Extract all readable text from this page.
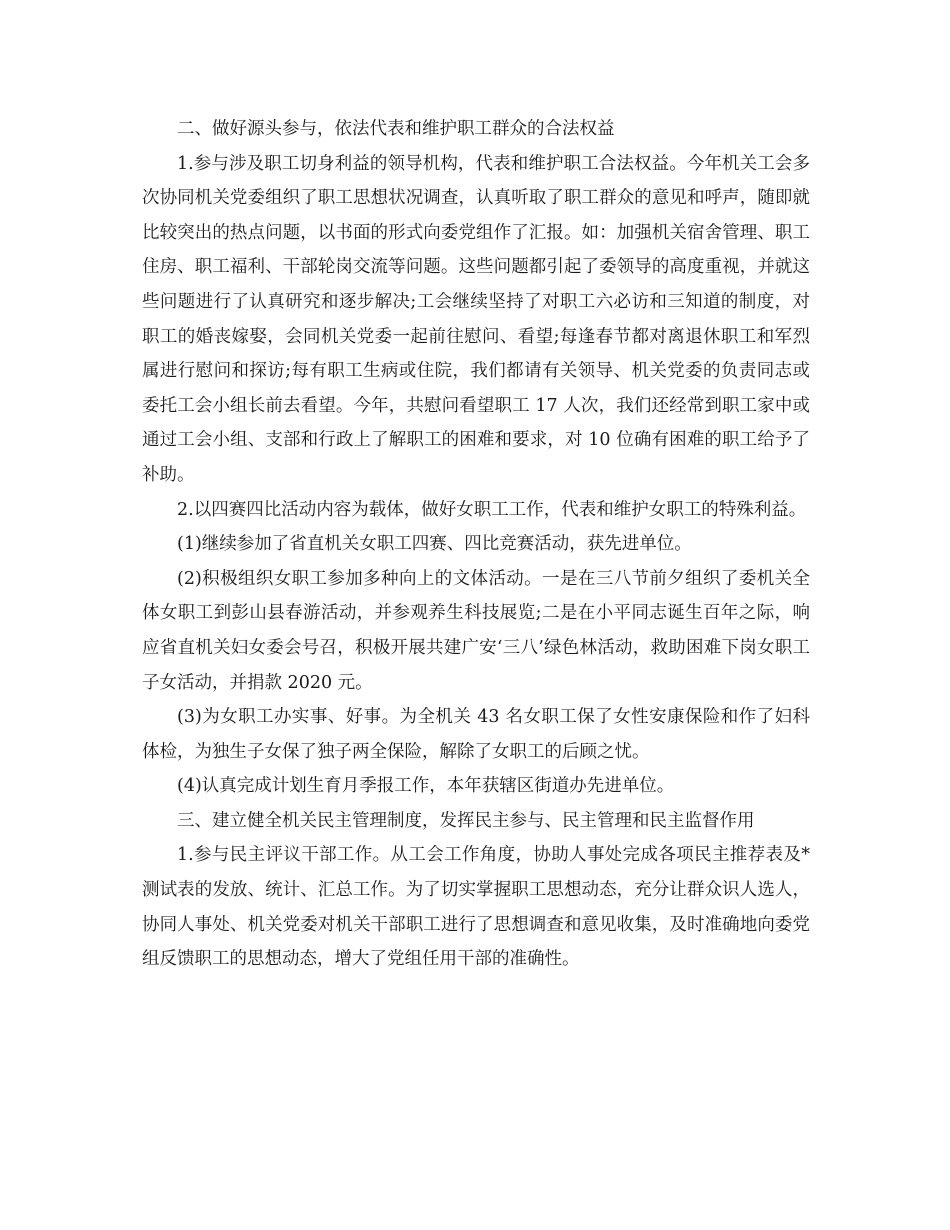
二、做好源头参与，依法代表和维护职工群众的合法权益

1.参与涉及职工切身利益的领导机构，代表和维护职工合法权益。今年机关工会多次协同机关党委组织了职工思想状况调查，认真听取了职工群众的意见和呼声，随即就比较突出的热点问题，以书面的形式向委党组作了汇报。如：加强机关宿舍管理、职工住房、职工福利、干部轮岗交流等问题。这些问题都引起了委领导的高度重视，并就这些问题进行了认真研究和逐步解决;工会继续坚持了对职工六必访和三知道的制度，对职工的婚丧嫁娶，会同机关党委一起前往慰问、看望;每逢春节都对离退休职工和军烈属进行慰问和探访;每有职工生病或住院，我们都请有关领导、机关党委的负责同志或委托工会小组长前去看望。今年，共慰问看望职工 17 人次，我们还经常到职工家中或通过工会小组、支部和行政上了解职工的困难和要求，对 10 位确有困难的职工给予了补助。

2.以四赛四比活动内容为载体，做好女职工工作，代表和维护女职工的特殊利益。

(1)继续参加了省直机关女职工四赛、四比竞赛活动，获先进单位。

(2)积极组织女职工参加多种向上的文体活动。一是在三八节前夕组织了委机关全体女职工到彭山县春游活动，并参观养生科技展览;二是在小平同志诞生百年之际，响应省直机关妇女委会号召，积极开展共建广安‘三八’绿色林活动，救助困难下岗女职工子女活动，并捐款 2020 元。

(3)为女职工办实事、好事。为全机关 43 名女职工保了女性安康保险和作了妇科体检，为独生子女保了独子两全保险，解除了女职工的后顾之忧。

(4)认真完成计划生育月季报工作，本年获辖区街道办先进单位。

三、建立健全机关民主管理制度，发挥民主参与、民主管理和民主监督作用

1.参与民主评议干部工作。从工会工作角度，协助人事处完成各项民主推荐表及*测试表的发放、统计、汇总工作。为了切实掌握职工思想动态，充分让群众识人选人，协同人事处、机关党委对机关干部职工进行了思想调查和意见收集，及时准确地向委党组反馈职工的思想动态，增大了党组任用干部的准确性。
